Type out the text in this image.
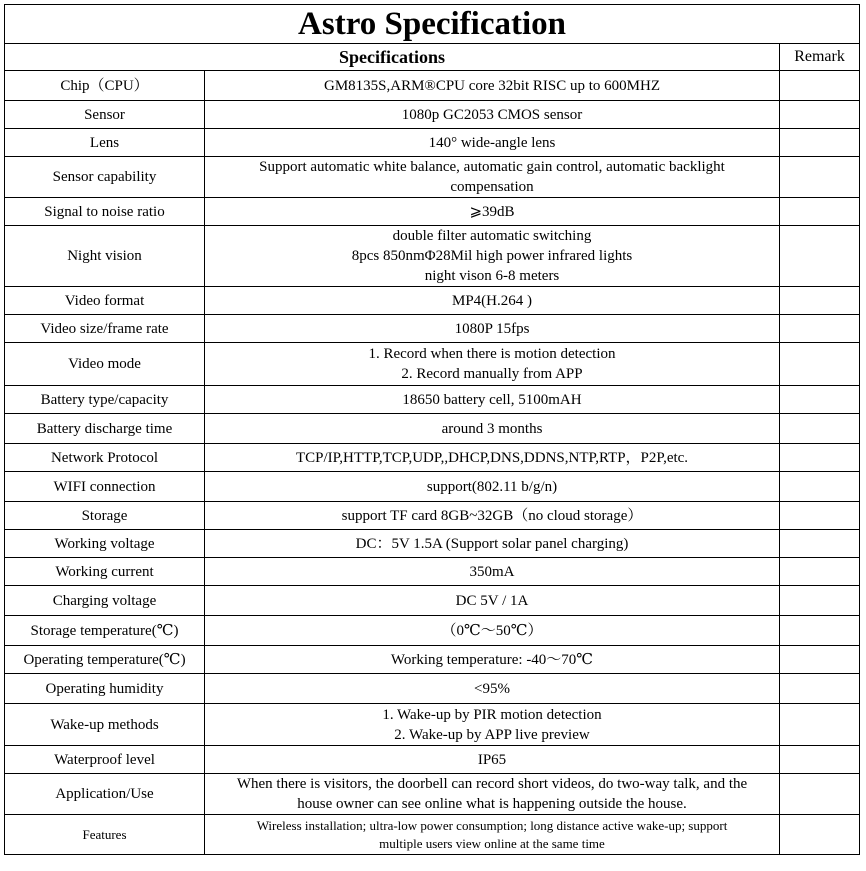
Astro Specification		
Specifications		Remark
Chip（CPU）	GM8135S,ARM®CPU core 32bit RISC up to 600MHZ	

Sensor	1080p GC2053 CMOS sensor	

Lens	140° wide-angle lens	

Sensor capability	Support automatic white balance, automatic gain control, automatic backlight
compensation	

Signal to noise ratio	⩾39dB	

Night vision	double filter automatic switching
8pcs 850nmΦ28Mil high power infrared lights
night vison 6-8 meters	

Video format	MP4(H.264 )	

Video size/frame rate	1080P 15fps	

Video mode	1. Record when there is motion detection
2. Record manually from APP	

Battery type/capacity	18650 battery cell, 5100mAH	

Battery discharge time	around 3 months	

Network Protocol	TCP/IP,HTTP,TCP,UDP,,DHCP,DNS,DDNS,NTP,RTP，P2P,etc.	

WIFI connection	support(802.11 b/g/n)	

Storage	support TF card 8GB~32GB（no cloud storage）	

Working voltage	DC：5V 1.5A (Support solar panel charging)	

Working current	350mA	

Charging voltage	DC 5V / 1A	

Storage temperature(℃)	（0℃～50℃）	

Operating temperature(℃)	Working temperature: -40～70℃	

Operating humidity	<95%	

Wake-up methods	1. Wake-up by PIR motion detection
2. Wake-up by APP live preview	

Waterproof level	IP65	

Application/Use	When there is visitors, the doorbell can record short videos, do two-way talk, and the
house owner can see online what is happening outside the house.	

Features	Wireless installation; ultra-low power consumption; long distance active wake-up; support
multiple users view online at the same time	
